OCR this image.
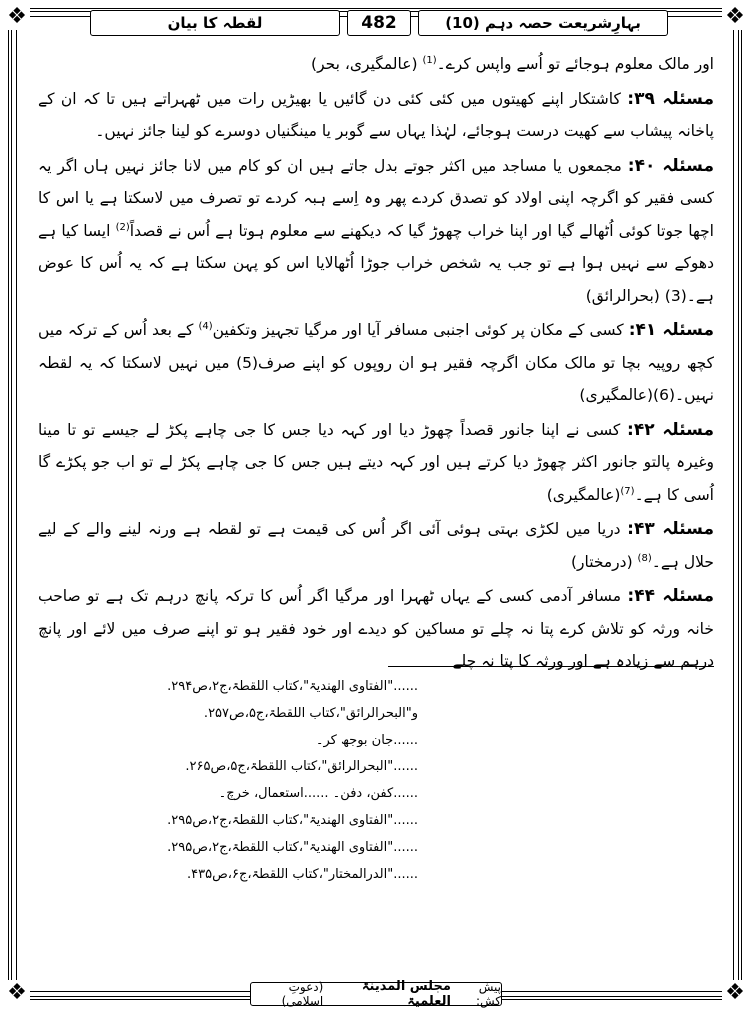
❖	❖
❖	❖
بہارِشریعت حصہ دہم (10)
482
لقطہ کا بیان

اور مالک معلوم ہوجائے تو اُسے واپس کرے۔$^{(1)}$ (عالمگیری، بحر)

مسئلہ ۳۹: کاشتکار اپنے کھیتوں میں کئی کئی دن گائیں یا بھیڑیں رات میں ٹھہراتے ہیں تا کہ ان کے پاخانہ پیشاب سے کھیت درست ہوجائے، لہٰذا یہاں سے گوبر یا مینگنیاں دوسرے کو لینا جائز نہیں۔

مسئلہ ۴۰: مجمعوں یا مساجد میں اکثر جوتے بدل جاتے ہیں ان کو کام میں لانا جائز نہیں ہاں اگر یہ کسی فقیر کو اگرچہ اپنی اولاد کو تصدق کردے پھر وہ اِسے ہبہ کردے تو تصرف میں لاسکتا ہے یا اس کا اچھا جوتا کوئی اُٹھالے گیا اور اپنا خراب چھوڑ گیا کہ دیکھنے سے معلوم ہوتا ہے اُس نے قصداً$^{(2)}$ ایسا کیا ہے دھوکے سے نہیں ہوا ہے تو جب یہ شخص خراب جوڑا اُٹھالایا اس کو پہن سکتا ہے کہ یہ اُس کا عوض ہے۔(3) (بحرالرائق)

مسئلہ ۴۱: کسی کے مکان پر کوئی اجنبی مسافر آیا اور مرگیا تجہیز وتکفین$^{(4)}$ کے بعد اُس کے ترکہ میں کچھ روپیہ بچا تو مالک مکان اگرچہ فقیر ہو ان روپوں کو اپنے صرف(5) میں نہیں لاسکتا کہ یہ لقطہ نہیں۔(6)(عالمگیری)

مسئلہ ۴۲: کسی نے اپنا جانور قصداً چھوڑ دیا اور کہہ دیا جس کا جی چاہے پکڑ لے جیسے تو تا مینا وغیرہ پالتو جانور اکثر چھوڑ دیا کرتے ہیں اور کہہ دیتے ہیں جس کا جی چاہے پکڑ لے تو اب جو پکڑے گا اُسی کا ہے۔$^{(7)}$(عالمگیری)

مسئلہ ۴۳: دریا میں لکڑی بہتی ہوئی آئی اگر اُس کی قیمت ہے تو لقطہ ہے ورنہ لینے والے کے لیے حلال ہے۔$^{(8)}$ (درمختار)

مسئلہ ۴۴: مسافر آدمی کسی کے یہاں ٹھہرا اور مرگیا اگر اُس کا ترکہ پانچ درہم تک ہے تو صاحب خانہ ورثہ کو تلاش کرے پتا نہ چلے تو مساکین کو دیدے اور خود فقیر ہو تو اپنے صرف میں لائے اور پانچ درہم سے زیادہ ہے اور ورثہ کا پتا نہ چلے

......"الفتاوی الھندیۃ"،کتاب اللقطۃ،ج۲،ص۲۹۴.
و"البحرالرائق"،کتاب اللقطۃ،ج۵،ص۲۵۷.
......جان بوجھ کر۔
......"البحرالرائق"،کتاب اللقطۃ،ج۵،ص۲۶۵.
......کفن، دفن۔ ......استعمال، خرچ۔
......"الفتاوی الھندیۃ"،کتاب اللقطۃ،ج۲،ص۲۹۵.
......"الفتاوی الھندیۃ"،کتاب اللقطۃ،ج۲،ص۲۹۵.
......"الدرالمختار"،کتاب اللقطۃ،ج۶،ص۴۳۵.
پیش کش:
مجلس المدینۃ العلمیۃ
(دعوتِ اسلامی)
